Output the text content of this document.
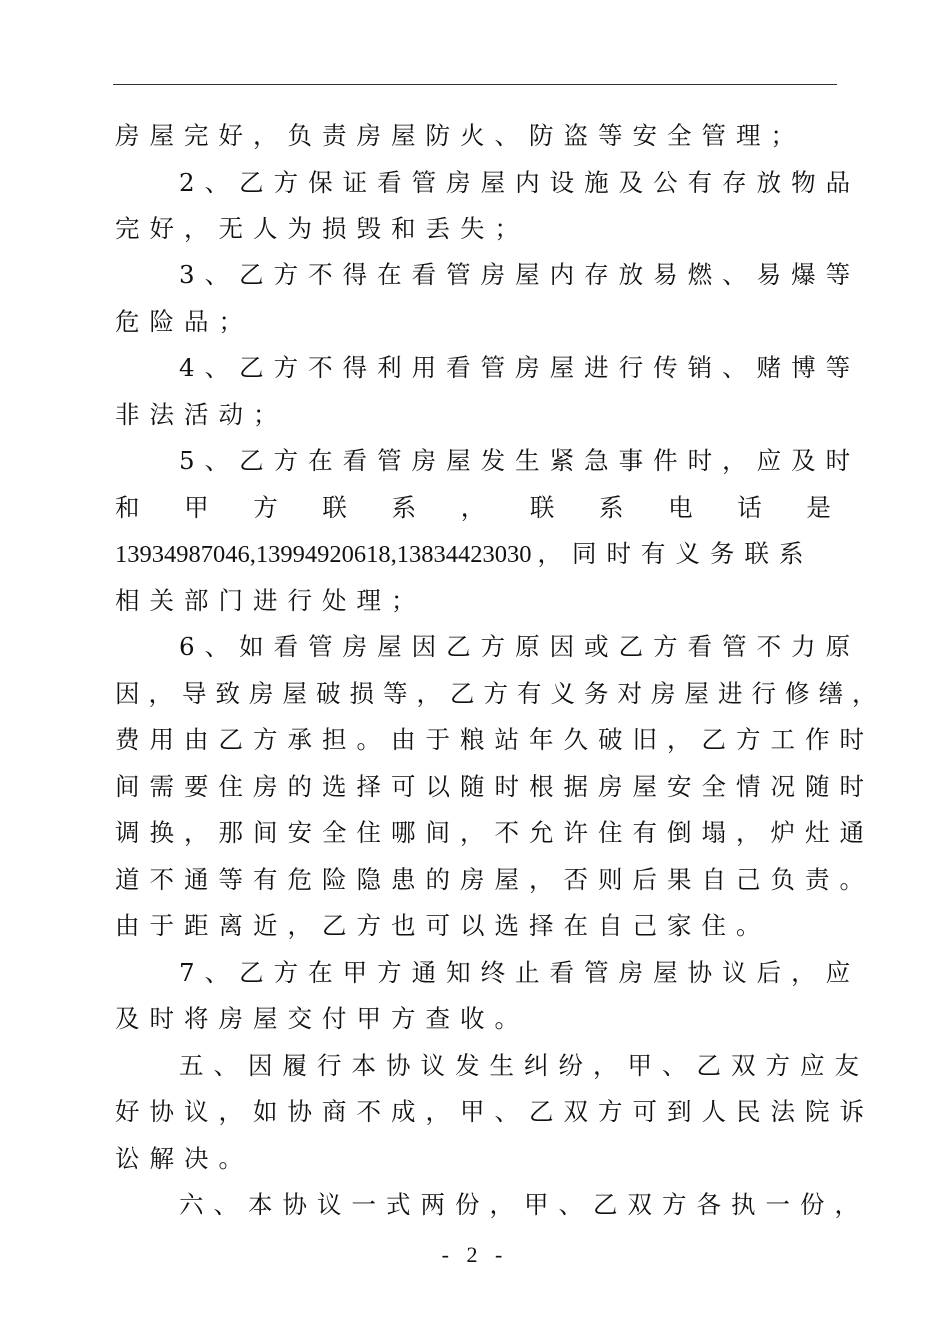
房屋完好，负责房屋防火、防盗等安全管理；
2、乙方保证看管房屋内设施及公有存放物品
完好，无人为损毁和丢失；
3、乙方不得在看管房屋内存放易燃、易爆等
危险品；
4、乙方不得利用看管房屋进行传销、赌博等
非法活动；
5、乙方在看管房屋发生紧急事件时，应及时
和 甲 方 联 系 ， 联 系 电 话 是
13934987046,13994920618,13834423030 ，同时有义务联系
相关部门进行处理；
6、如看管房屋因乙方原因或乙方看管不力原
因，导致房屋破损等，乙方有义务对房屋进行修缮，
费用由乙方承担。由于粮站年久破旧，乙方工作时
间需要住房的选择可以随时根据房屋安全情况随时
调换，那间安全住哪间，不允许住有倒塌，炉灶通
道不通等有危险隐患的房屋，否则后果自己负责。
由于距离近，乙方也可以选择在自己家住。
7、乙方在甲方通知终止看管房屋协议后，应
及时将房屋交付甲方查收。
五、因履行本协议发生纠纷，甲、乙双方应友
好协议，如协商不成，甲、乙双方可到人民法院诉
讼解决。
六、本协议一式两份，甲、乙双方各执一份，
- 2 -
